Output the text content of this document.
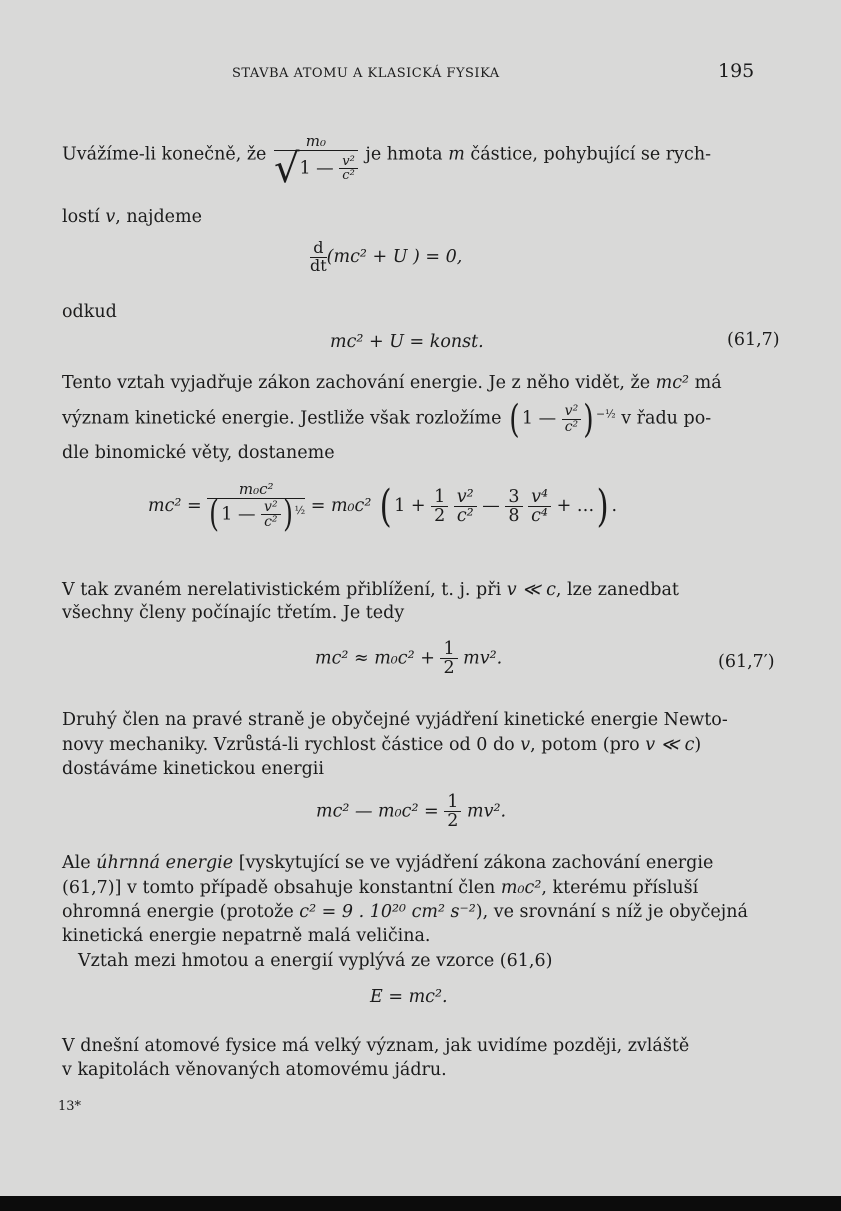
STAVBA ATOMU A KLASICKÁ FYSIKA	195
Uvážíme-li konečně, že $\frac{\text{m₀}}{√1 — \frac{\text{v²}}{\text{c²}}}$ je hmota m částice, pohybující se rych-
lostí v, najdeme
$\frac{d}{dt} (mc^2 + U$ ) = 0,
odkud
mc² + U = konst.	(61,7)
Tento vztah vyjadřuje zákon zachování energie. Je z něho vidět, že mc² má
význam kinetické energie. Jestliže však rozložíme ( 1 — $\frac{\text{v²}}{\text{c²}}$ ) $^{-\frac{1}{2}}$ v řadu po-
dle binomické věty, dostaneme
$mc^2 = \frac{\text{m₀c²}}{( 1 — \frac{\text{v²}}{\text{c²}} ) ^{\frac{1}{2}}} = m_0c^2$ ( $1 + \frac{1}{2}$
$\frac{\text{v²}}{\text{c²}}$ — $\frac{3}{8}$
$\frac{\text{v⁴}}{\text{c⁴}}$ + …) .
V tak zvaném nerelativistickém přiblížení, t. j. při v ≪ c, lze zanedbat
všechny členy počínajíc třetím. Je tedy
$mc^2 \approx m_0c^2 + \frac{1}{2} mv^2$.	(61,7′)
Druhý člen na pravé straně je obyčejné vyjádření kinetické energie Newto-
novy mechaniky. Vzrůstá-li rychlost částice od 0 do v, potom (pro v ≪ c)
dostáváme kinetickou energii
mc² — $m_0c^2 = \frac{1}{2} mv^2$.
Ale úhrnná energie [vyskytující se ve vyjádření zákona zachování energie
(61,7)] v tomto případě obsahuje konstantní člen m₀c², kterému přísluší
ohromná energie (protože c² = 9 . 10²⁰ cm² s⁻²), ve srovnání s níž je obyčejná
kinetická energie nepatrně malá veličina.
Vztah mezi hmotou a energií vyplývá ze vzorce (61,6)
E = mc².
V dnešní atomové fysice má velký význam, jak uvidíme později, zvláště
v kapitolách věnovaných atomovému jádru.
13*
